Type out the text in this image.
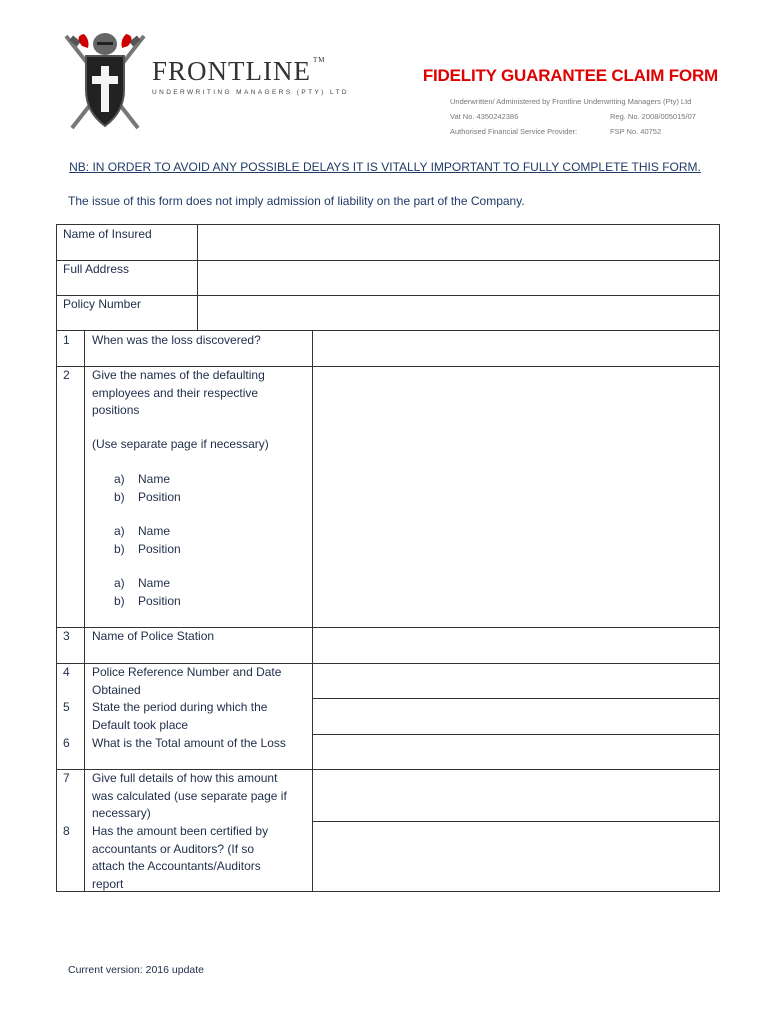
FRONTLINE ™
UNDERWRITING MANAGERS (PTY) LTD
FIDELITY GUARANTEE CLAIM FORM
Underwritten/ Administered by Frontline Underwriting Managers (Pty) Ltd
Vat No. 4350242386	Reg. No. 2008/005015/07
Authorised Financial Service Provider:	FSP No. 40752
NB: IN ORDER TO AVOID ANY POSSIBLE DELAYS IT IS VITALLY IMPORTANT TO FULLY COMPLETE THIS FORM.
The issue of this form does not imply admission of liability on the part of the Company.
Name of Insured
Full Address
Policy Number
1 When was the loss discovered?
2 Give the names of the defaulting
employees and their respective
positions
(Use separate page if necessary)
a) Name
b) Position
a) Name
b) Position
a) Name
b) Position
3 Name of Police Station
4 Police Reference Number and Date
Obtained
5 State the period during which the
Default took place
6 What is the Total amount of the Loss
7 Give full details of how this amount
was calculated (use separate page if
necessary)
8 Has the amount been certified by
accountants or Auditors? (If so
attach the Accountants/Auditors
report
Current version: 2016 update
